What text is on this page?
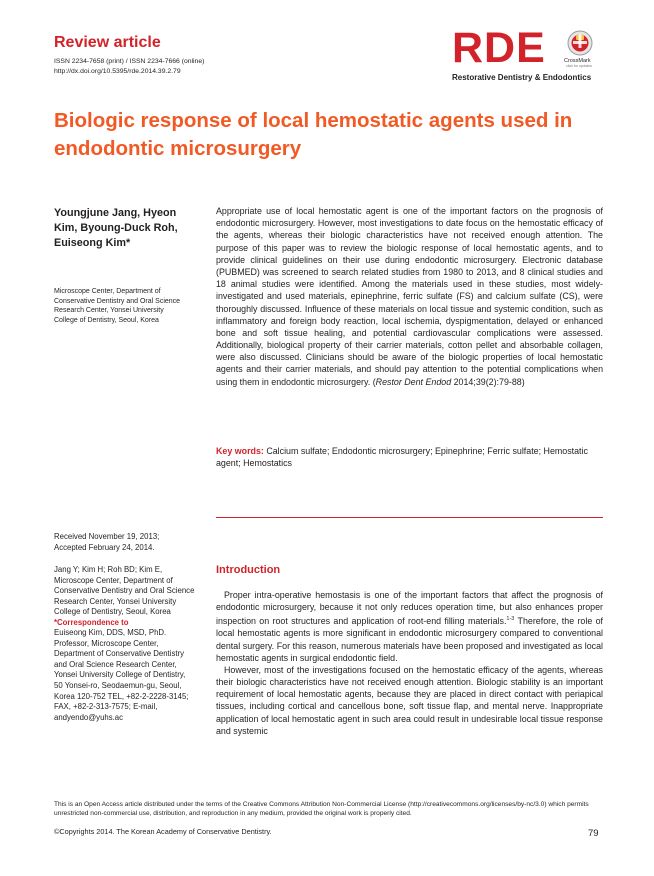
Review article
ISSN 2234-7658 (print) / ISSN 2234-7666 (online)
http://dx.doi.org/10.5395/rde.2014.39.2.79	RDE	CrossMark
click for updates
Restorative Dentistry & Endodontics
Biologic response of local hemostatic agents used in endodontic microsurgery
Youngjune Jang, Hyeon Kim, Byoung-Duck Roh, Euiseong Kim*
Microscope Center, Department of Conservative Dentistry and Oral Science Research Center, Yonsei University College of Dentistry, Seoul, Korea
Received November 19, 2013;
Accepted February 24, 2014.
Jang Y; Kim H; Roh BD; Kim E, Microscope Center, Department of Conservative Dentistry and Oral Science Research Center, Yonsei University College of Dentistry, Seoul, Korea
*Correspondence to
Euiseong Kim, DDS, MSD, PhD. Professor, Microscope Center, Department of Conservative Dentistry and Oral Science Research Center, Yonsei University College of Dentistry, 50 Yonsei-ro, Seodaemun-gu, Seoul, Korea 120-752 TEL, +82-2-2228-3145; FAX, +82-2-313-7575; E-mail, andyendo@yuhs.ac
Appropriate use of local hemostatic agent is one of the important factors on the prognosis of endodontic microsurgery. However, most investigations to date focus on the hemostatic efficacy of the agents, whereas their biologic characteristics have not received enough attention. The purpose of this paper was to review the biologic response of local hemostatic agents, and to provide clinical guidelines on their use during endodontic microsurgery. Electronic database (PUBMED) was screened to search related studies from 1980 to 2013, and 8 clinical studies and 18 animal studies were identified. Among the materials used in these studies, most widely-investigated and used materials, epinephrine, ferric sulfate (FS) and calcium sulfate (CS), were thoroughly discussed. Influence of these materials on local tissue and systemic condition, such as inflammatory and foreign body reaction, local ischemia, dyspigmentation, delayed or enhanced bone and soft tissue healing, and potential cardiovascular complications were assessed. Additionally, biological property of their carrier materials, cotton pellet and absorbable collagen, were also discussed. Clinicians should be aware of the biologic properties of local hemostatic agents and their carrier materials, and should pay attention to the potential complications when using them in endodontic microsurgery. (Restor Dent Endod 2014;39(2):79-88)
Key words: Calcium sulfate; Endodontic microsurgery; Epinephrine; Ferric sulfate; Hemostatic agent; Hemostatics
Introduction

Proper intra-operative hemostasis is one of the important factors that affect the prognosis of endodontic microsurgery, because it not only reduces operation time, but also enhances proper inspection on root structures and application of root-end filling materials.$^{1-3}$ Therefore, the role of local hemostatic agents is more significant in endodontic microsurgery compared to conventional dental surgery. For this reason, numerous materials have been proposed and investigated as local hemostatic agents in surgical endodontic field.

However, most of the investigations focused on the hemostatic efficacy of the agents, whereas their biologic characteristics have not received enough attention. Biologic stability is an important requirement of local hemostatic agents, because they are placed in direct contact with periapical tissues, including cortical and cancellous bone, soft tissue flap, and mental nerve. Inappropriate application of local hemostatic agent in such area could result in undesirable local tissue response and systemic

This is an Open Access article distributed under the terms of the Creative Commons Attribution Non-Commercial License (http://creativecommons.org/licenses/by-nc/3.0) which permits unrestricted non-commercial use, distribution, and reproduction in any medium, provided the original work is properly cited.
©Copyrights 2014. The Korean Academy of Conservative Dentistry.	79
